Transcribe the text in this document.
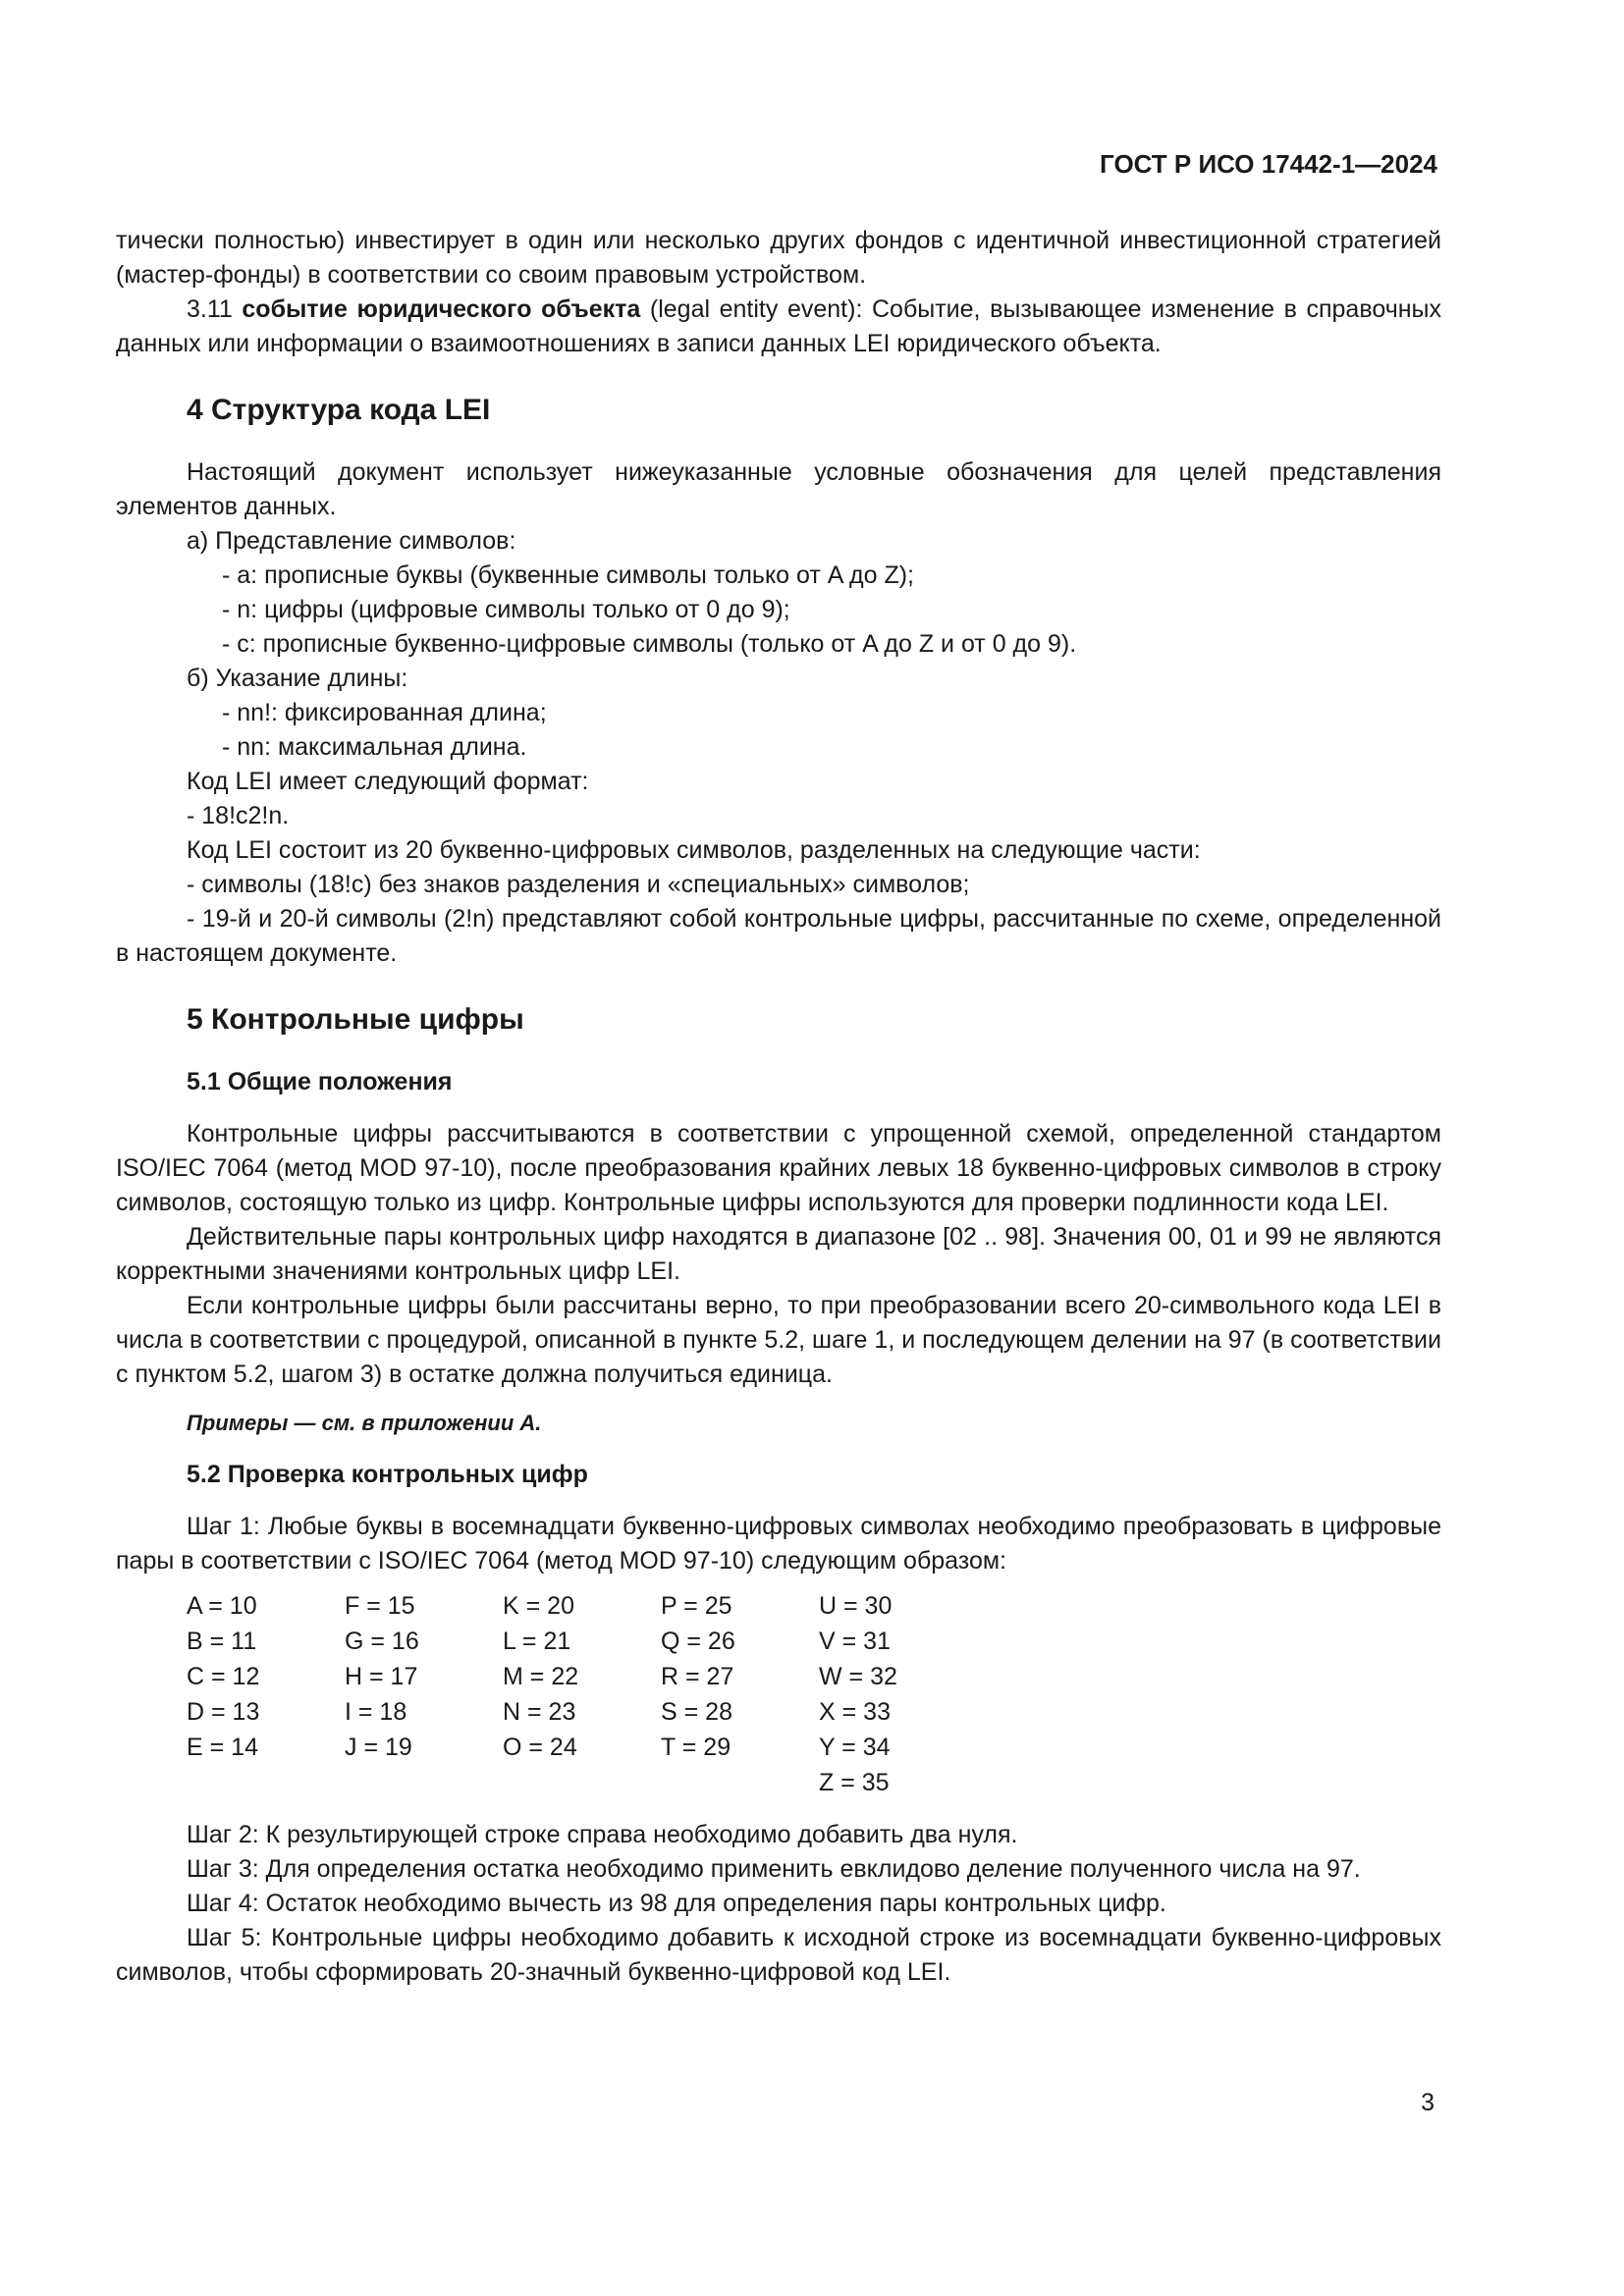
ГОСТ Р ИСО 17442-1—2024

тически полностью) инвестирует в один или несколько других фондов с идентичной инвестиционной стратегией (мастер-фонды) в соответствии со своим правовым устройством.

3.11 событие юридического объекта (legal entity event): Событие, вызывающее изменение в справочных данных или информации о взаимоотношениях в записи данных LEI юридического объекта.

4 Структура кода LEI

Настоящий документ использует нижеуказанные условные обозначения для целей представления элементов данных.

а) Представление символов:

- a: прописные буквы (буквенные символы только от A до Z);

- n: цифры (цифровые символы только от 0 до 9);

- c: прописные буквенно-цифровые символы (только от A до Z и от 0 до 9).

б) Указание длины:

- nn!: фиксированная длина;

- nn: максимальная длина.

Код LEI имеет следующий формат:

- 18!c2!n.

Код LEI состоит из 20 буквенно-цифровых символов, разделенных на следующие части:

- символы (18!c) без знаков разделения и «специальных» символов;

- 19-й и 20-й символы (2!n) представляют собой контрольные цифры, рассчитанные по схеме, определенной в настоящем документе.

5 Контрольные цифры
5.1 Общие положения

Контрольные цифры рассчитываются в соответствии с упрощенной схемой, определенной стандартом ISO/IEC 7064 (метод MOD 97-10), после преобразования крайних левых 18 буквенно-цифровых символов в строку символов, состоящую только из цифр. Контрольные цифры используются для проверки подлинности кода LEI.

Действительные пары контрольных цифр находятся в диапазоне [02 .. 98]. Значения 00, 01 и 99 не являются корректными значениями контрольных цифр LEI.

Если контрольные цифры были рассчитаны верно, то при преобразовании всего 20-символьного кода LEI в числа в соответствии с процедурой, описанной в пункте 5.2, шаге 1, и последующем делении на 97 (в соответствии с пунктом 5.2, шагом 3) в остатке должна получиться единица.

Примеры — см. в приложении А.
5.2 Проверка контрольных цифр

Шаг 1: Любые буквы в восемнадцати буквенно-цифровых символах необходимо преобразовать в цифровые пары в соответствии с ISO/IEC 7064 (метод MOD 97-10) следующим образом:

A = 10	F = 15	K = 20	P = 25	U = 30
B = 11	G = 16	L = 21	Q = 26	V = 31
C = 12	H = 17	M = 22	R = 27	W = 32
D = 13	I = 18	N = 23	S = 28	X = 33
E = 14	J = 19	O = 24	T = 29	Y = 34
				Z = 35

Шаг 2: К результирующей строке справа необходимо добавить два нуля.

Шаг 3: Для определения остатка необходимо применить евклидово деление полученного числа на 97.

Шаг 4: Остаток необходимо вычесть из 98 для определения пары контрольных цифр.

Шаг 5: Контрольные цифры необходимо добавить к исходной строке из восемнадцати буквенно-цифровых символов, чтобы сформировать 20-значный буквенно-цифровой код LEI.

3
